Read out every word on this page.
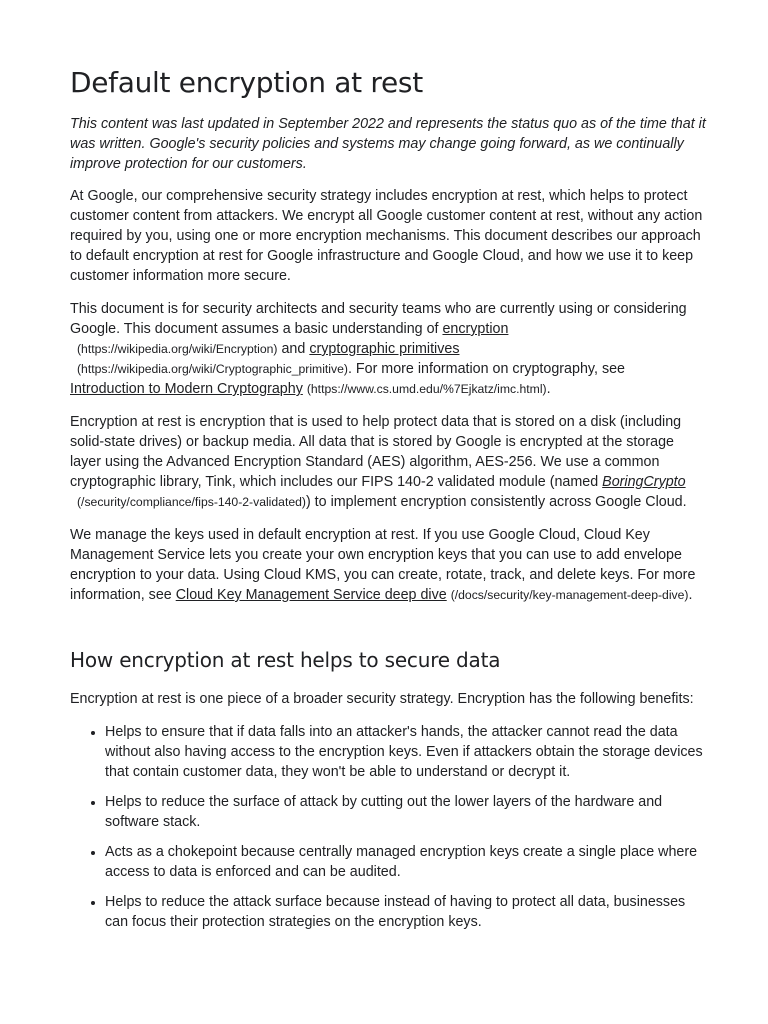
Default encryption at rest

This content was last updated in September 2022 and represents the status quo as of the time that it was written. Google's security policies and systems may change going forward, as we continually improve protection for our customers.

At Google, our comprehensive security strategy includes encryption at rest, which helps to protect customer content from attackers. We encrypt all Google customer content at rest, without any action required by you, using one or more encryption mechanisms. This document describes our approach to default encryption at rest for Google infrastructure and Google Cloud, and how we use it to keep customer information more secure.

This document is for security architects and security teams who are currently using or considering Google. This document assumes a basic understanding of encryption
(https://wikipedia.org/wiki/Encryption) and cryptographic primitives
(https://wikipedia.org/wiki/Cryptographic_primitive). For more information on cryptography, see
Introduction to Modern Cryptography (https://www.cs.umd.edu/%7Ejkatz/imc.html).

Encryption at rest is encryption that is used to help protect data that is stored on a disk (including solid-state drives) or backup media. All data that is stored by Google is encrypted at the storage layer using the Advanced Encryption Standard (AES) algorithm, AES-256. We use a common cryptographic library, Tink, which includes our FIPS 140-2 validated module (named BoringCrypto
(/security/compliance/fips-140-2-validated)) to implement encryption consistently across Google Cloud.

We manage the keys used in default encryption at rest. If you use Google Cloud, Cloud Key Management Service lets you create your own encryption keys that you can use to add envelope encryption to your data. Using Cloud KMS, you can create, rotate, track, and delete keys. For more information, see Cloud Key Management Service deep dive (/docs/security/key-management-deep-dive).

How encryption at rest helps to secure data

Encryption at rest is one piece of a broader security strategy. Encryption has the following benefits:

• Helps to ensure that if data falls into an attacker's hands, the attacker cannot read the data without also having access to the encryption keys. Even if attackers obtain the storage devices that contain customer data, they won't be able to understand or decrypt it.
• Helps to reduce the surface of attack by cutting out the lower layers of the hardware and software stack.
• Acts as a chokepoint because centrally managed encryption keys create a single place where access to data is enforced and can be audited.
• Helps to reduce the attack surface because instead of having to protect all data, businesses can focus their protection strategies on the encryption keys.
